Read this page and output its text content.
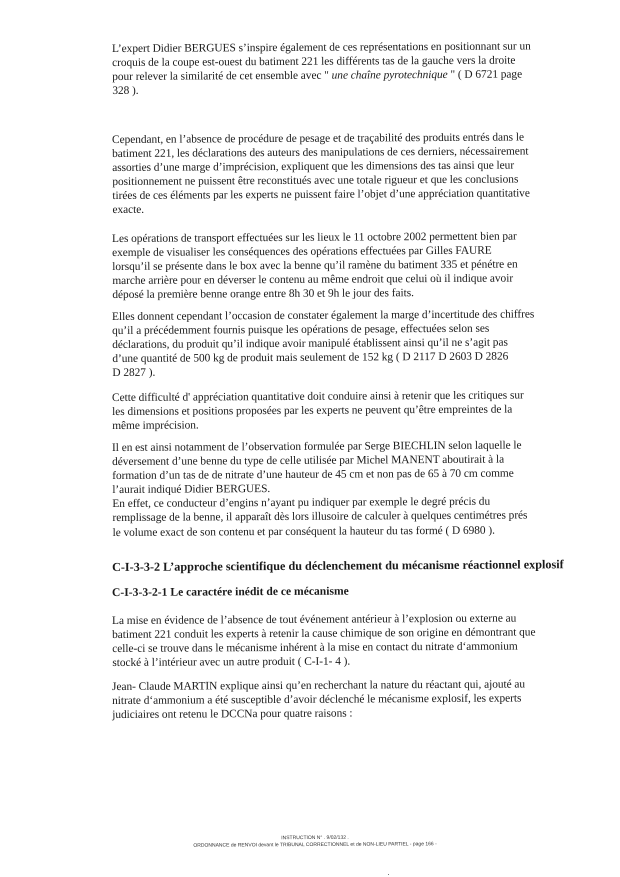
L’expert Didier BERGUES s’inspire également de ces représentations en positionnant sur un
croquis de la coupe est-ouest du batiment 221 les différents tas de la gauche vers la droite
pour relever la similarité de cet ensemble avec " une chaîne pyrotechnique " ( D 6721 page
328 ).
Cependant, en l’absence de procédure de pesage et de traçabilité des produits entrés dans le
batiment 221, les déclarations des auteurs des manipulations de ces derniers, nécessairement
assorties d’une marge d’imprécision, expliquent que les dimensions des tas ainsi que leur
positionnement ne puissent être reconstitués avec une totale rigueur et que les conclusions
tirées de ces éléments par les experts ne puissent faire l’objet d’une appréciation quantitative
exacte.
Les opérations de transport effectuées sur les lieux le 11 octobre 2002 permettent bien par
exemple de visualiser les conséquences des opérations effectuées par Gilles FAURE
lorsqu’il se présente dans le box avec la benne qu’il ramène du batiment 335 et pénétre en
marche arrière pour en déverser le contenu au même endroit que celui où il indique avoir
déposé la première benne orange entre 8h 30 et 9h le jour des faits.
Elles donnent cependant l’occasion de constater également la marge d’incertitude des chiffres
qu’il a précédemment fournis puisque les opérations de pesage, effectuées selon ses
déclarations, du produit qu’il indique avoir manipulé établissent ainsi qu’il ne s’agit pas
d’une quantité de 500 kg de produit mais seulement de 152 kg ( D 2117 D 2603 D 2826
D 2827 ).
Cette difficulté d' appréciation quantitative doit conduire ainsi à retenir que les critiques sur
les dimensions et positions proposées par les experts ne peuvent qu’être empreintes de la
même imprécision.
Il en est ainsi notamment de l’observation formulée par Serge BIECHLIN selon laquelle le
déversement d’une benne du type de celle utilisée par Michel MANENT aboutirait à la
formation d’un tas de de nitrate d’une hauteur de 45 cm et non pas de 65 à 70 cm comme
l’aurait indiqué Didier BERGUES.
En effet, ce conducteur d’engins n’ayant pu indiquer par exemple le degré précis du
remplissage de la benne, il apparaît dès lors illusoire de calculer à quelques centimétres prés
le volume exact de son contenu et par conséquent la hauteur du tas formé ( D 6980 ).
C-I-3-3-2 L’approche scientifique du déclenchement du mécanisme réactionnel explosif
C-I-3-3-2-1 Le caractére inédit de ce mécanisme
La mise en évidence de l’absence de tout événement antérieur à l’explosion ou externe au
batiment 221 conduit les experts à retenir la cause chimique de son origine en démontrant que
celle-ci se trouve dans le mécanisme inhérent à la mise en contact du nitrate d‘ammonium
stocké à l’intérieur avec un autre produit ( C-I-1- 4 ).
Jean- Claude MARTIN explique ainsi qu’en recherchant la nature du réactant qui, ajouté au
nitrate d‘ammonium a été susceptible d’avoir déclenché le mécanisme explosif, les experts
judiciaires ont retenu le DCCNa pour quatre raisons :
INSTRUCTION N° . 9/02/132 .
ORDONNANCE de RENVOI devant le TRIBUNAL CORRECTIONNEL et de NON-LIEU PARTIEL - page 166 -
